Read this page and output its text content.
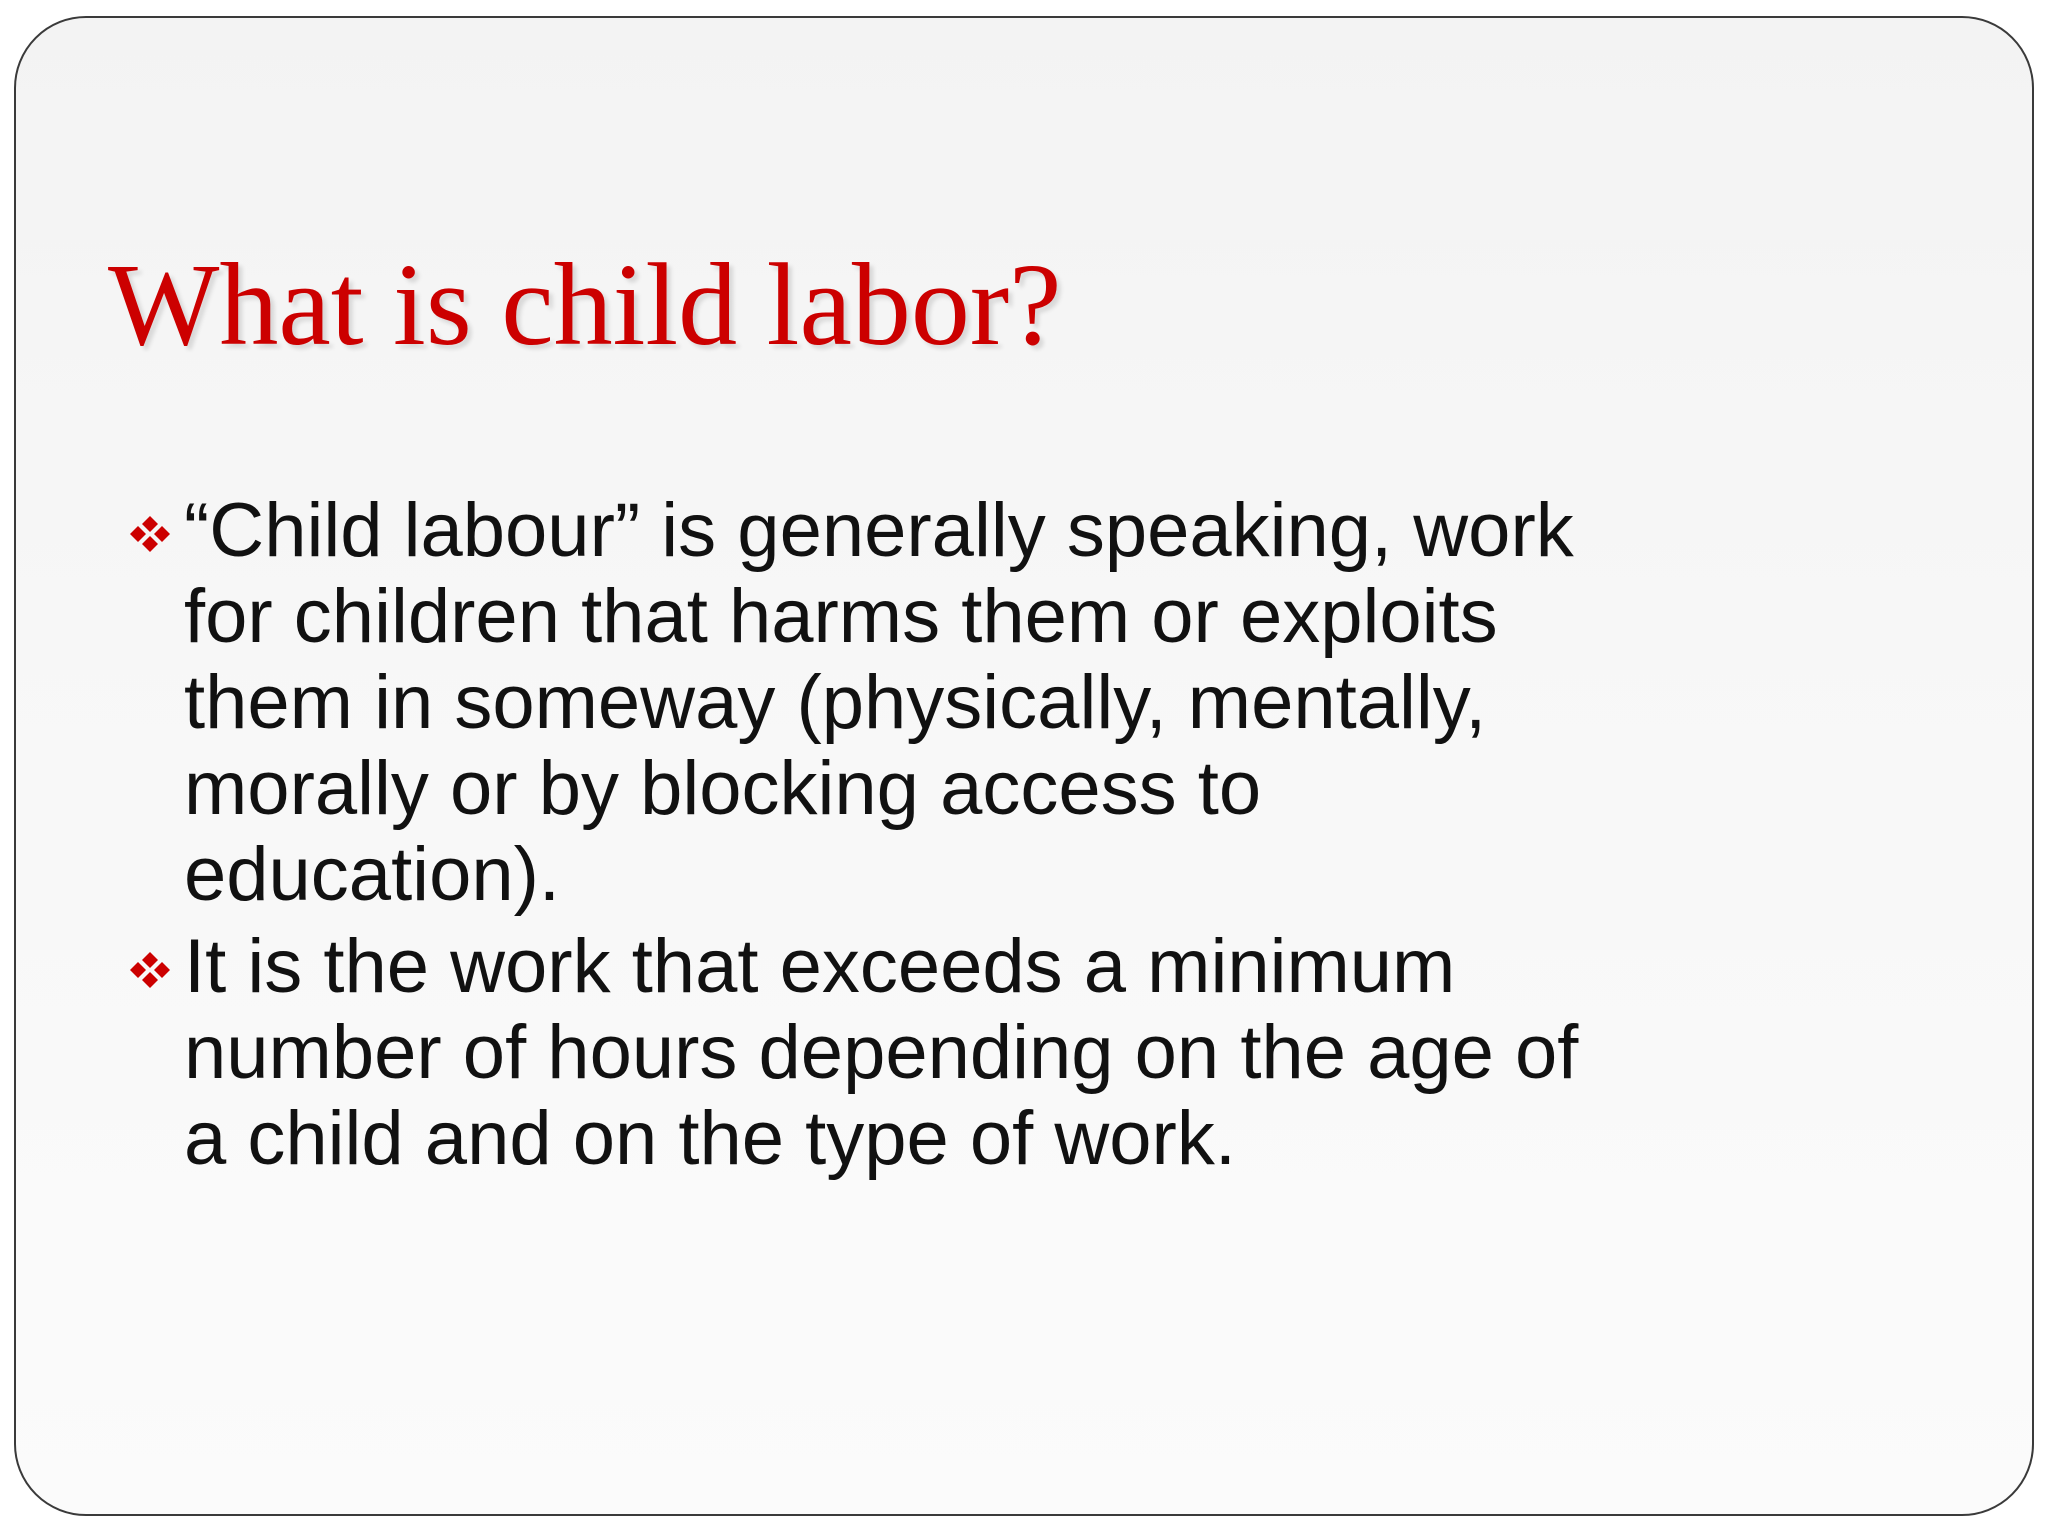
What is child labor?
“Child labour” is generally speaking, work for children that harms them or exploits them in someway (physically, mentally, morally or by blocking access to education).
It is the work that exceeds a minimum number of hours depending on the age of a child and on the type of work.
